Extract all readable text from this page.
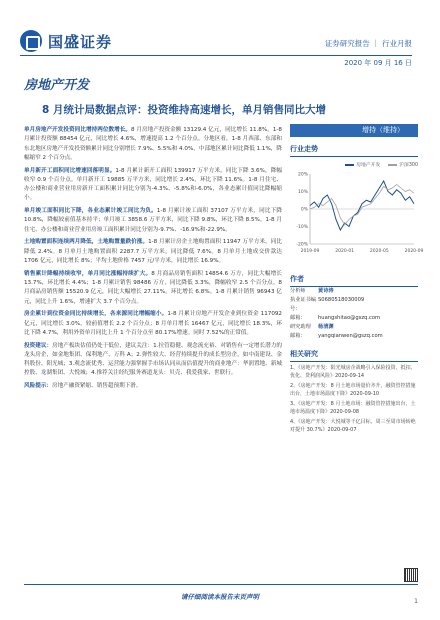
国盛证券	证券研究报告 ｜ 行业月报
2020 年 09 月 16 日
房地产开发
8 月统计局数据点评：投资维持高速增长，单月销售同比大增
增持（维持）

单月房地产开发投资同比增持两位数增长。8 月房地产投资金额 13129.4 亿元，同比增长 11.8%。1-8 月累计投资额 88454 亿元，同比增长 4.6%，增速提高 1.2 个百分点。分地区看，1-8 月西部、东部和东北地区房地产开发投资额累计同比分别增长 7.9%、5.5%和 4.0%，中部地区累计同比降低 1.1%，降幅缩窄 2 个百分点。

单月新开工面积同比增速回落明显。1-8 月累计新开工面积 139917 万平方米，同比下降 3.6%，降幅收窄 0.9 个百分点。单月新开工 19885 万平方米，同比增长 2.4%，环比下降 11.6%。1-8 月住宅、办公楼和商业营业用房新开工面积累计同比分别为-4.3%、-5.8%和-6.0%，各业态累计值同比降幅缩小。

单月竣工面积同比下降，各业态累计竣工同比为负。1-8 月累计竣工面积 37107 万平方米，同比下降 10.8%，降幅较前值基本持平；单月竣工 3858.6 万平方米，同比下降 9.8%，环比下降 8.5%。1-8 月住宅、办公楼和商业营业用房竣工面积累计同比分别为-9.7%、-16.9%和-22.9%。

土地购置面积连续两月降低，土地购置量跌价涨。1-8 月累计房企土地购置面积 11947 万平方米，同比降低 2.4%。8 月单月土地购置面积 2287.7 万平方米，同比降低 7.6%。8 月单月土地成交价款达 1706 亿元，同比增长 8%；平均土地价格 7457 元/平方米，同比增长 16.9%。

销售累计降幅持续收窄，单月同比涨幅持续扩大。8 月商品房销售面积 14854.6 万方，同比大幅增长 13.7%，环比增长 4.4%；1-8 月累计销售 98486 万方，同比降低 3.3%，降幅收窄 2.5 个百分点。8 月商品房销售额 15520.9 亿元，同比大幅增长 27.11%，环比增长 6.8%。1-8 月累计销售 96943 亿元，同比上升 1.6%，增速扩大 3.7 个百分点。

房企累计到位资金同比持续增长，各来源同比增幅缩小。1-8 月累计房地产开发企业到位资金 117092 亿元，同比增长 3.0%，较前值增长 2.2 个百分点；8 月单月增长 16467 亿元，同比增长 18.3%，环比下降 4.7%，利用外资单月同比上升 1 个百分点至 80.17%增速。同时 7.52%的正常值。

投资建议：房地产板块估值仍处于低位，建议关注：1.拉管稳健、观念流充裕、对销售有一定增长潜力的龙头房企，如金地集团、保利地产、万科 A；2.弹性较大、经营持续提升的成长型房企，如中南建设、金科股份、阳光城；3.观念流优秀、运营能力强掌握手市场认同从而估值提升的商业地产：华润置地、新城控股、龙湖集团、大悦城；4.推荐关注经纪服务赛道龙头：贝壳、我爱我家、世联行。

风险提示：房地产融资紧缩、销售超预期下滑。

行业走势
房地产开发	沪深300
-20%
-10%
0%
10%
20%
2019-09	2020-01	2020-05	2020-09
作者
分析师	黄诗涛
执业证书编号：
S0680518030009
邮箱：	huangshitao@gszq.com
研究助理	杨清渊
邮箱：	yangqianwen@gszq.com
相关研究
1、《房地产开发：阳光城房企战略引入保险投资、抵扣、优化、贷利润风险》2020-09-14
2、《房地产开发：8 月土地市场量价齐升，融资管控措施出台，土地市场温度下降》2020-09-10
3、《房地产开发：8 月土地市场：融资管控措施出台，土地市场温度下降》2020-09-08
4、《房地产开发：大悦城等千亿目标，周三至周市场转绝对提升 30.7%》2020-09-07
请仔细阅读本报告末页声明
1
